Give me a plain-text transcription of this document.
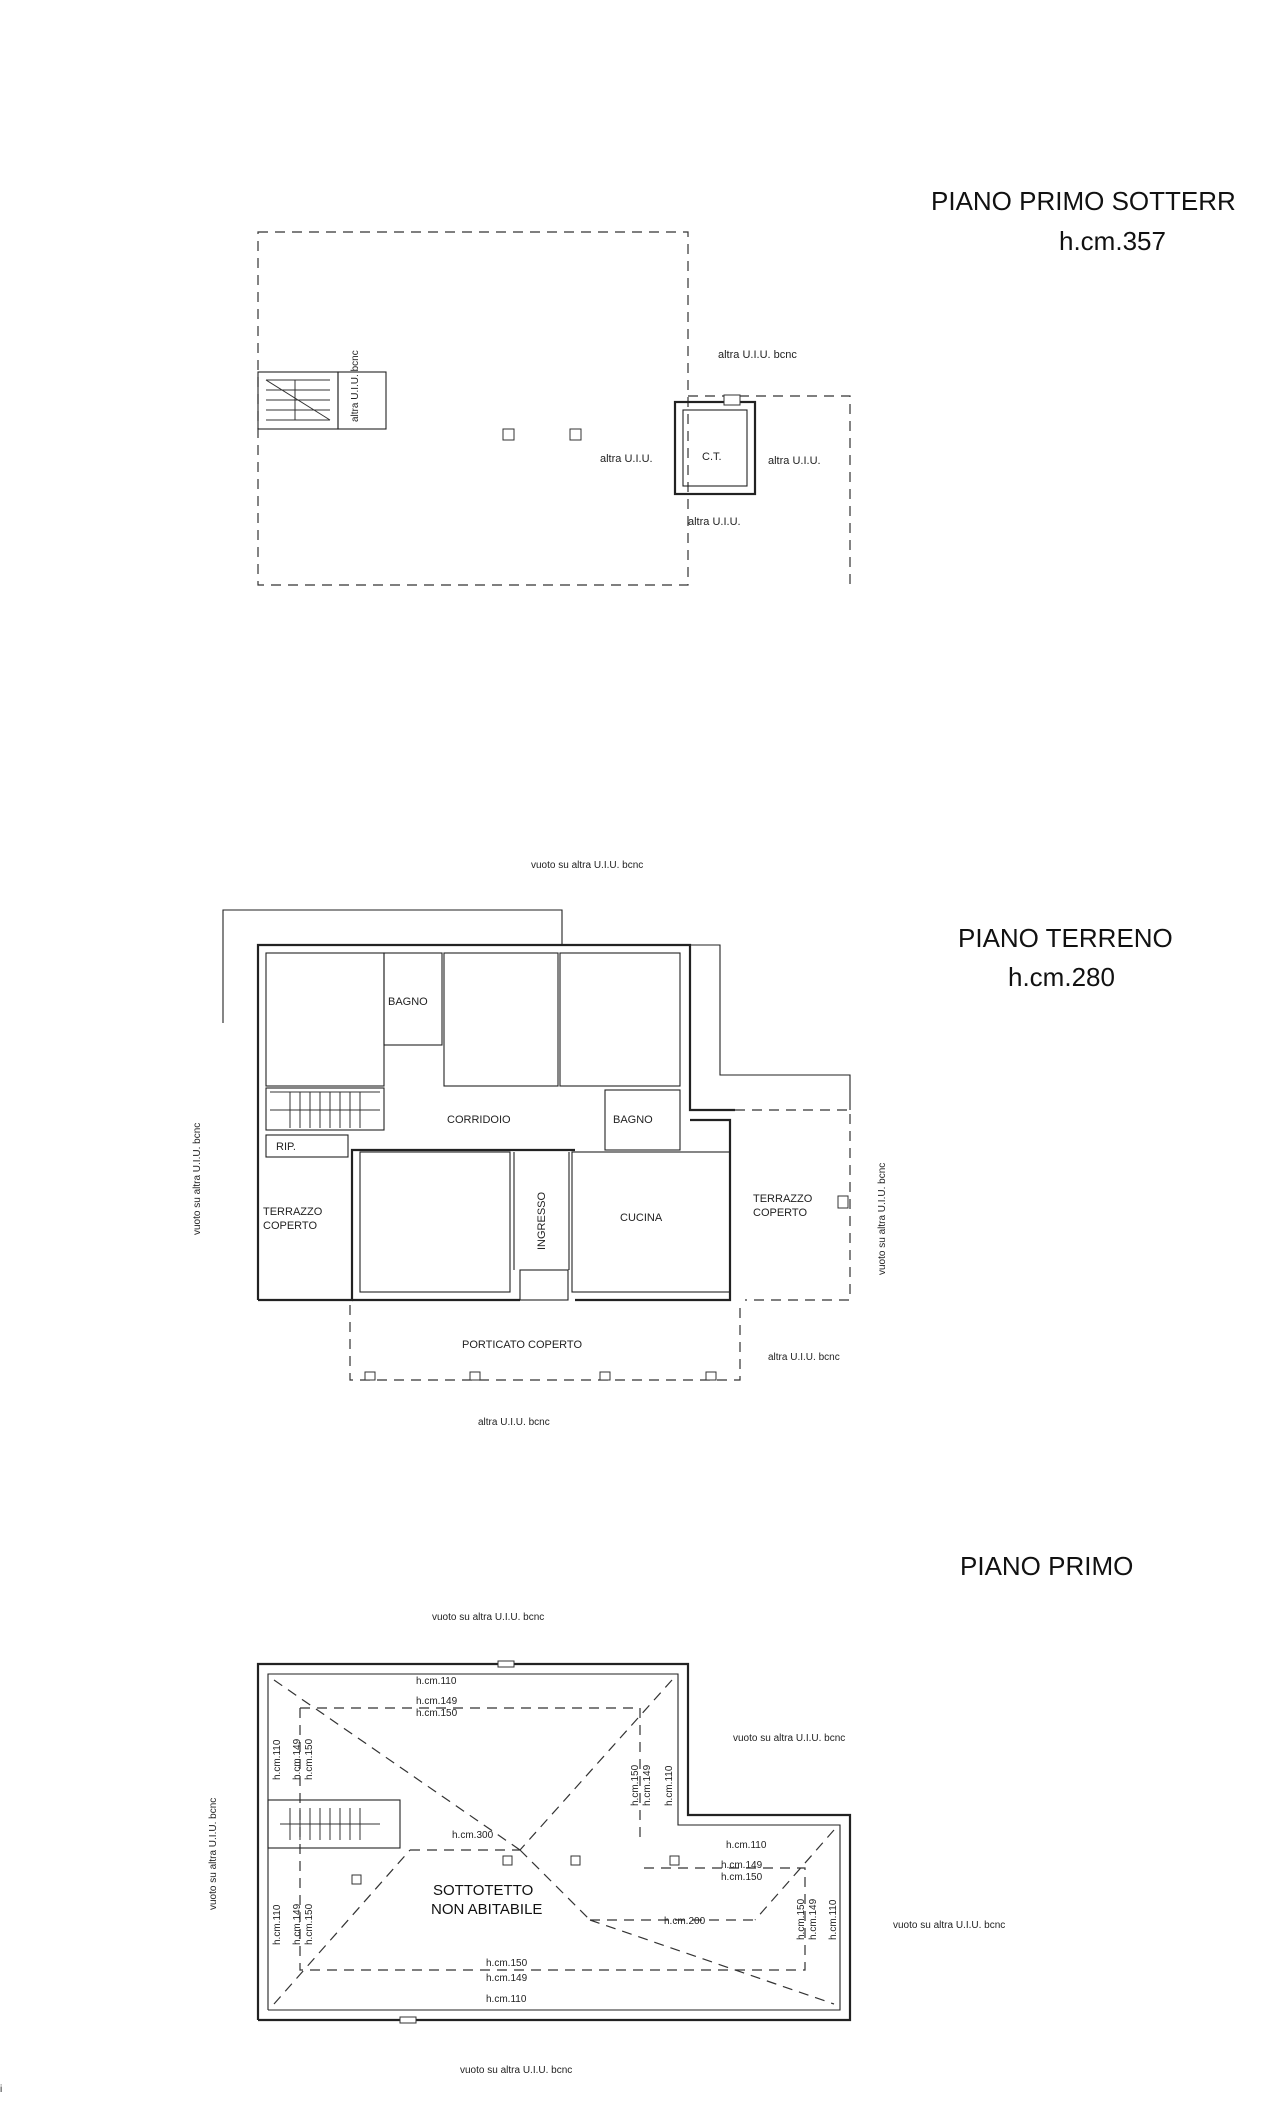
PIANO PRIMO SOTTERR
h.cm.357
altra U.I.U. bcnc
altra U.I.U.	C.T.	altra U.I.U.
altra U.I.U.
altra U.I.U. bcnc
PIANO TERRENO
h.cm.280
vuoto su altra U.I.U. bcnc
vuoto su altra U.I.U. bcnc	vuoto su altra U.I.U. bcnc
BAGNO
BAGNO
CORRIDOIO
RIP.
TERRAZZO
COPERTO
TERRAZZO
COPERTO
INGRESSO	CUCINA
PORTICATO COPERTO
altra U.I.U. bcnc
altra U.I.U. bcnc
PIANO PRIMO
vuoto su altra U.I.U. bcnc
vuoto su altra U.I.U. bcnc
vuoto su altra U.I.U. bcnc
vuoto su altra U.I.U. bcnc
vuoto su altra U.I.U. bcnc
SOTTOTETTO
NON ABITABILE
h.cm.110
h.cm.149
h.cm.150
h.cm.150
h.cm.149
h.cm.110
h.cm.150 h.cm.149 h.cm.110
h.cm.300
h.cm.110
h.cm.149
h.cm.150
h.cm.200	h.cm.150 h.cm.149 h.cm.110
h.cm.150
h.cm.149
h.cm.110
h.cm.150
h.cm.149
h.cm.110
i
